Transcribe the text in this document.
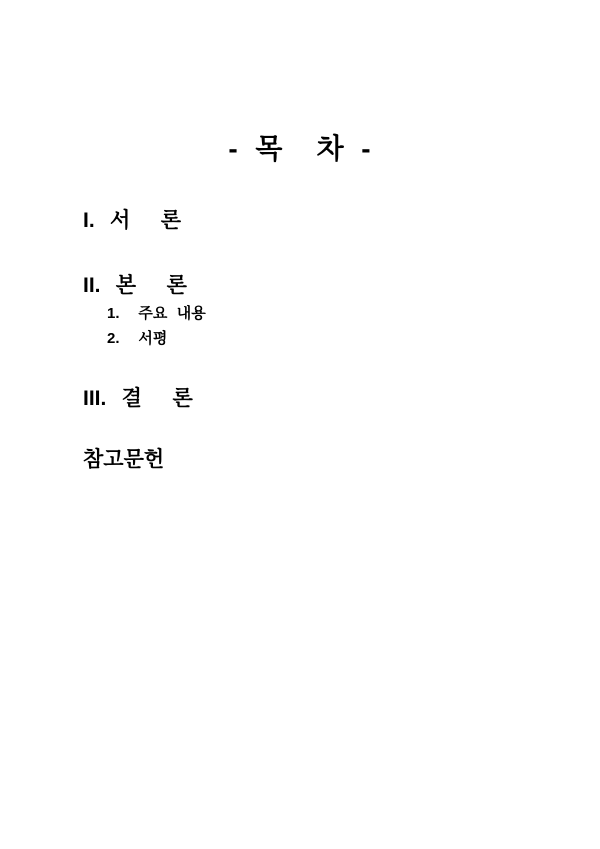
- 목  차 -
I. 서  론
II. 본  론
1.  주요 내용
2.  서평
III. 결  론
참고문헌
